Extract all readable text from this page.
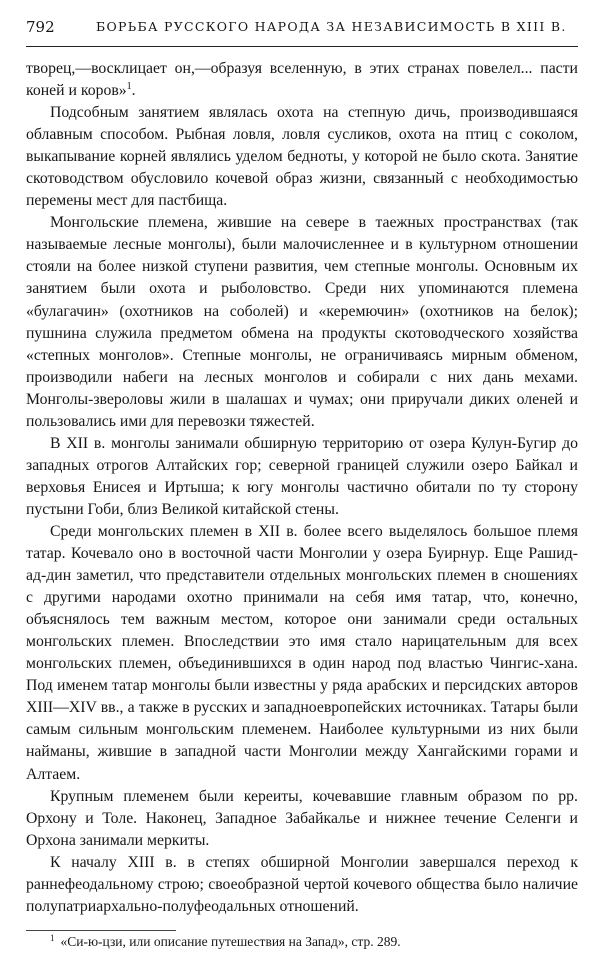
792	БОРЬБА РУССКОГО НАРОДА ЗА НЕЗАВИСИМОСТЬ В XIII В.

творец,—восклицает он,—образуя вселенную, в этих странах повелел... пасти коней и коров»$^1$.

Подсобным занятием являлась охота на степную дичь, производившаяся облавным способом. Рыбная ловля, ловля сусликов, охота на птиц с соколом, выкапывание корней являлись уделом бедноты, у которой не было скота. Занятие скотоводством обусловило кочевой образ жизни, связанный с необходимостью перемены мест для пастбища.

Монгольские племена, жившие на севере в таежных пространствах (так называемые лесные монголы), были малочисленнее и в культурном отношении стояли на более низкой ступени развития, чем степные монголы. Основным их занятием были охота и рыболовство. Среди них упоминаются племена «булагачин» (охотников на соболей) и «керемючин» (охотников на белок); пушнина служила предметом обмена на продукты скотоводческого хозяйства «степных монголов». Степные монголы, не ограничиваясь мирным обменом, производили набеги на лесных монголов и собирали с них дань мехами. Монголы-звероловы жили в шалашах и чумах; они приручали диких оленей и пользовались ими для перевозки тяжестей.

В XII в. монголы занимали обширную территорию от озера Кулун-Бугир до западных отрогов Алтайских гор; северной границей служили озеро Байкал и верховья Енисея и Иртыша; к югу монголы частично обитали по ту сторону пустыни Гоби, близ Великой китайской стены.

Среди монгольских племен в XII в. более всего выделялось большое племя татар. Кочевало оно в восточной части Монголии у озера Буирнур. Еще Рашид-ад-дин заметил, что представители отдельных монгольских племен в сношениях с другими народами охотно принимали на себя имя татар, что, конечно, объяснялось тем важным местом, которое они занимали среди остальных монгольских племен. Впоследствии это имя стало нарицательным для всех монгольских племен, объединившихся в один народ под властью Чингис-хана. Под именем татар монголы были известны у ряда арабских и персидских авторов XIII—XIV вв., а также в русских и западноевропейских источниках. Татары были самым сильным монгольским племенем. Наиболее культурными из них были найманы, жившие в западной части Монголии между Хангайскими горами и Алтаем.

Крупным племенем были кереиты, кочевавшие главным образом по рр. Орхону и Толе. Наконец, Западное Забайкалье и нижнее течение Селенги и Орхона занимали меркиты.

К началу XIII в. в степях обширной Монголии завершался переход к раннефеодальному строю; своеобразной чертой кочевого общества было наличие полупатриархально-полуфеодальных отношений.

$^1$ «Си-ю-цзи, или описание путешествия на Запад», стр. 289.
